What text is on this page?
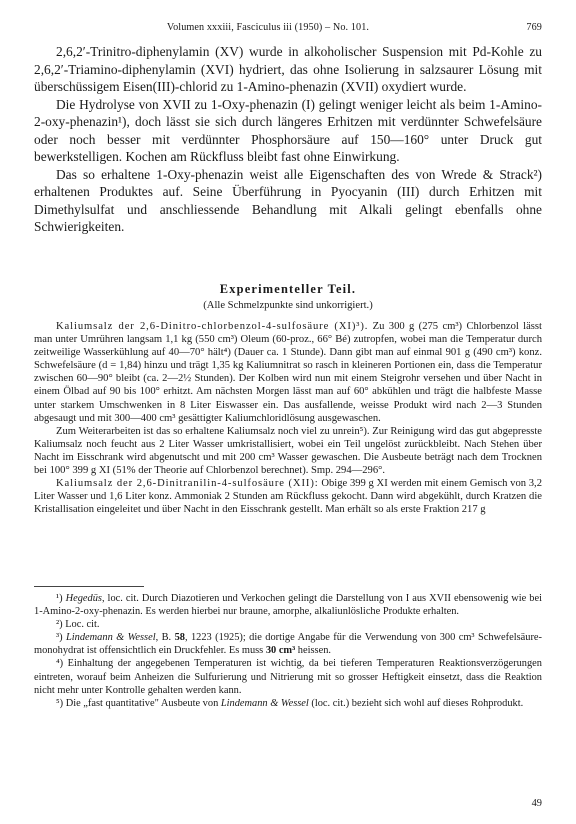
Volumen xxxiii, Fasciculus iii (1950) – No. 101.	769

2,6,2′-Trinitro-diphenylamin (XV) wurde in alkoholischer Suspension mit Pd-Kohle zu 2,6,2′-Triamino-diphenylamin (XVI) hydriert, das ohne Isolierung in salzsaurer Lösung mit überschüssigem Eisen(III)-chlorid zu 1-Amino-phenazin (XVII) oxydiert wurde.

Die Hydrolyse von XVII zu 1-Oxy-phenazin (I) gelingt weniger leicht als beim 1-Amino-2-oxy-phenazin¹), doch lässt sie sich durch längeres Erhitzen mit verdünnter Schwefelsäure oder noch besser mit verdünnter Phosphorsäure auf 150—160° unter Druck gut bewerkstelligen. Kochen am Rückfluss bleibt fast ohne Einwirkung.

Das so erhaltene 1-Oxy-phenazin weist alle Eigenschaften des von Wrede & Strack²) erhaltenen Produktes auf. Seine Überführung in Pyocyanin (III) durch Erhitzen mit Dimethylsulfat und anschliessende Behandlung mit Alkali gelingt ebenfalls ohne Schwierigkeiten.

Experimenteller Teil.

(Alle Schmelzpunkte sind unkorrigiert.)

Kaliumsalz der 2,6-Dinitro-chlorbenzol-4-sulfosäure (XI)³). Zu 300 g (275 cm³) Chlorbenzol lässt man unter Umrühren langsam 1,1 kg (550 cm³) Oleum (60-proz., 66° Bé) zutropfen, wobei man die Temperatur durch zeitweilige Wasserkühlung auf 40—70° hält⁴) (Dauer ca. 1 Stunde). Dann gibt man auf einmal 901 g (490 cm³) konz. Schwefelsäure (d = 1,84) hinzu und trägt 1,35 kg Kaliumnitrat so rasch in kleineren Portionen ein, dass die Temperatur zwischen 60—90° bleibt (ca. 2—2½ Stunden). Der Kolben wird nun mit einem Steigrohr versehen und über Nacht in einem Ölbad auf 90 bis 100° erhitzt. Am nächsten Morgen lässt man auf 60° abkühlen und trägt die halbfeste Masse unter starkem Umschwenken in 8 Liter Eiswasser ein. Das ausfallende, weisse Produkt wird nach 2—3 Stunden abgesaugt und mit 300—400 cm³ gesättigter Kaliumchloridlösung ausgewaschen.

Zum Weiterarbeiten ist das so erhaltene Kaliumsalz noch viel zu unrein⁵). Zur Reinigung wird das gut abgepresste Kaliumsalz noch feucht aus 2 Liter Wasser umkristallisiert, wobei ein Teil ungelöst zurückbleibt. Nach Stehen über Nacht im Eisschrank wird abgenutscht und mit 200 cm³ Wasser gewaschen. Die Ausbeute beträgt nach dem Trocknen bei 100° 399 g XI (51% der Theorie auf Chlorbenzol berechnet). Smp. 294—296°.

Kaliumsalz der 2,6-Dinitranilin-4-sulfosäure (XII): Obige 399 g XI werden mit einem Gemisch von 3,2 Liter Wasser und 1,6 Liter konz. Ammoniak 2 Stunden am Rückfluss gekocht. Dann wird abgekühlt, durch Kratzen die Kristallisation eingeleitet und über Nacht in den Eisschrank gestellt. Man erhält so als erste Fraktion 217 g

¹) Hegedüs, loc. cit. Durch Diazotieren und Verkochen gelingt die Darstellung von I aus XVII ebensowenig wie bei 1-Amino-2-oxy-phenazin. Es werden hierbei nur braune, amorphe, alkaliunlösliche Produkte erhalten.

²) Loc. cit.

³) Lindemann & Wessel, B. 58, 1223 (1925); die dortige Angabe für die Verwendung von 300 cm³ Schwefelsäure-monohydrat ist offensichtlich ein Druckfehler. Es muss 30 cm³ heissen.

⁴) Einhaltung der angegebenen Temperaturen ist wichtig, da bei tieferen Temperaturen Reaktionsverzögerungen eintreten, worauf beim Anheizen die Sulfurierung und Nitrierung mit so grosser Heftigkeit einsetzt, dass die Reaktion nicht mehr unter Kontrolle gehalten werden kann.

⁵) Die „fast quantitative" Ausbeute von Lindemann & Wessel (loc. cit.) bezieht sich wohl auf dieses Rohprodukt.

49
